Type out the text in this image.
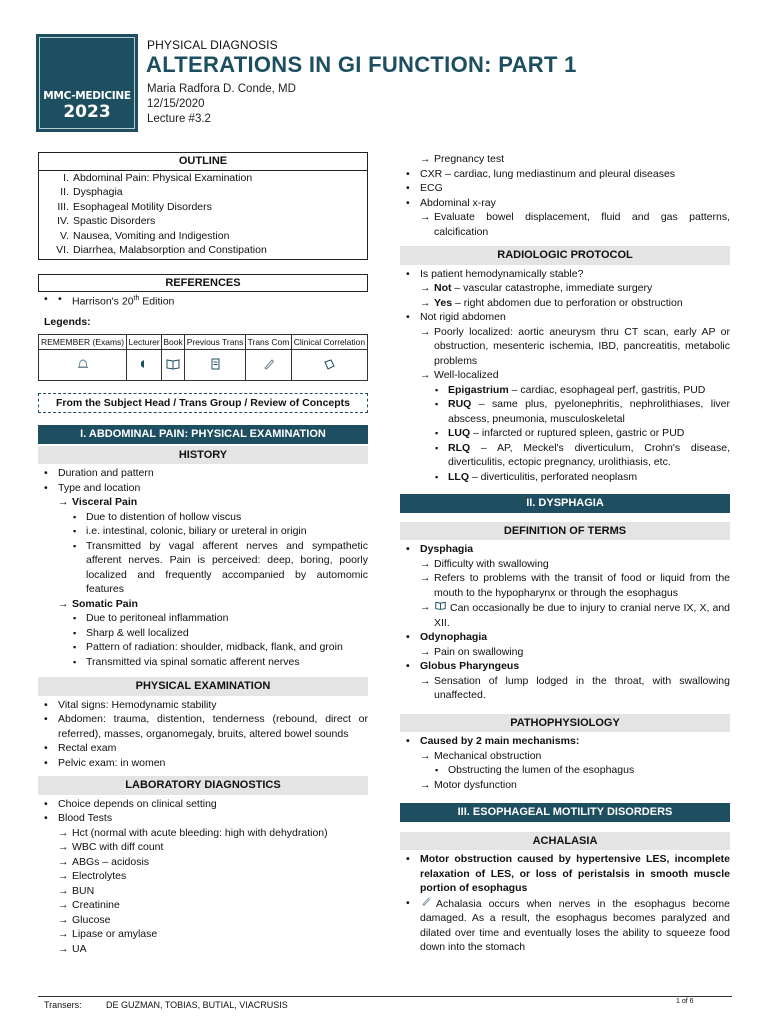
MMC-MEDICINE
2023
PHYSICAL DIAGNOSIS
ALTERATIONS IN GI FUNCTION: PART 1
Maria Radfora D. Conde, MD
12/15/2020
Lecture #3.2
OUTLINE
I. Abdominal Pain: Physical Examination
II. Dysphagia
III. Esophageal Motility Disorders
IV. Spastic Disorders
V. Nausea, Vomiting and Indigestion
VI. Diarrhea, Malabsorption and Constipation
REFERENCES
• • Harrison's 20th Edition
Legends:
REMEMBER (Exams)	Lecturer	Book	Previous Trans	Trans Com	Clinical Correlation

From the Subject Head / Trans Group / Review of Concepts
I. ABDOMINAL PAIN: PHYSICAL EXAMINATION
HISTORY
• Duration and pattern
• Type and location
→ Visceral Pain
▪ Due to distention of hollow viscus
▪ i.e. intestinal, colonic, biliary or ureteral in origin
▪ Transmitted by vagal afferent nerves and sympathetic afferent nerves. Pain is perceived: deep, boring, poorly localized and frequently accompanied by automomic features
→ Somatic Pain
▪ Due to peritoneal inflammation
▪ Sharp & well localized
▪ Pattern of radiation: shoulder, midback, flank, and groin
▪ Transmitted via spinal somatic afferent nerves
PHYSICAL EXAMINATION
• Vital signs: Hemodynamic stability
• Abdomen: trauma, distention, tenderness (rebound, direct or referred), masses, organomegaly, bruits, altered bowel sounds
• Rectal exam
• Pelvic exam: in women
LABORATORY DIAGNOSTICS
• Choice depends on clinical setting
• Blood Tests
→ Hct (normal with acute bleeding: high with dehydration)
→ WBC with diff count
→ ABGs – acidosis
→ Electrolytes
→ BUN
→ Creatinine
→ Glucose
→ Lipase or amylase
→ UA
→ Pregnancy test
• CXR – cardiac, lung mediastinum and pleural diseases
• ECG
• Abdominal x-ray
→ Evaluate bowel displacement, fluid and gas patterns, calcification
RADIOLOGIC PROTOCOL
• Is patient hemodynamically stable?
→ Not – vascular catastrophe, immediate surgery
→ Yes – right abdomen due to perforation or obstruction
• Not rigid abdomen
→ Poorly localized: aortic aneurysm thru CT scan, early AP or obstruction, mesenteric ischemia, IBD, pancreatitis, metabolic problems
→ Well-localized
▪ Epigastrium – cardiac, esophageal perf, gastritis, PUD
▪ RUQ – same plus, pyelonephritis, nephrolithiases, liver abscess, pneumonia, musculoskeletal
▪ LUQ – infarcted or ruptured spleen, gastric or PUD
▪ RLQ – AP, Meckel's diverticulum, Crohn's disease, diverticulitis, ectopic pregnancy, urolithiasis, etc.
▪ LLQ – diverticulitis, perforated neoplasm
II. DYSPHAGIA
DEFINITION OF TERMS
• Dysphagia
→ Difficulty with swallowing
→ Refers to problems with the transit of food or liquid from the mouth to the hypopharynx or through the esophagus
→ Can occasionally be due to injury to cranial nerve IX, X, and XII.
• Odynophagia
→ Pain on swallowing
• Globus Pharyngeus
→ Sensation of lump lodged in the throat, with swallowing unaffected.
PATHOPHYSIOLOGY
• Caused by 2 main mechanisms:
→ Mechanical obstruction
▪ Obstructing the lumen of the esophagus
→ Motor dysfunction
III. ESOPHAGEAL MOTILITY DISORDERS
ACHALASIA
• Motor obstruction caused by hypertensive LES, incomplete relaxation of LES, or loss of peristalsis in smooth muscle portion of esophagus
• Achalasia occurs when nerves in the esophagus become damaged. As a result, the esophagus becomes paralyzed and dilated over time and eventually loses the ability to squeeze food down into the stomach
Transers:	DE GUZMAN, TOBIAS, BUTIAL, VIACRUSIS	1 of 6
